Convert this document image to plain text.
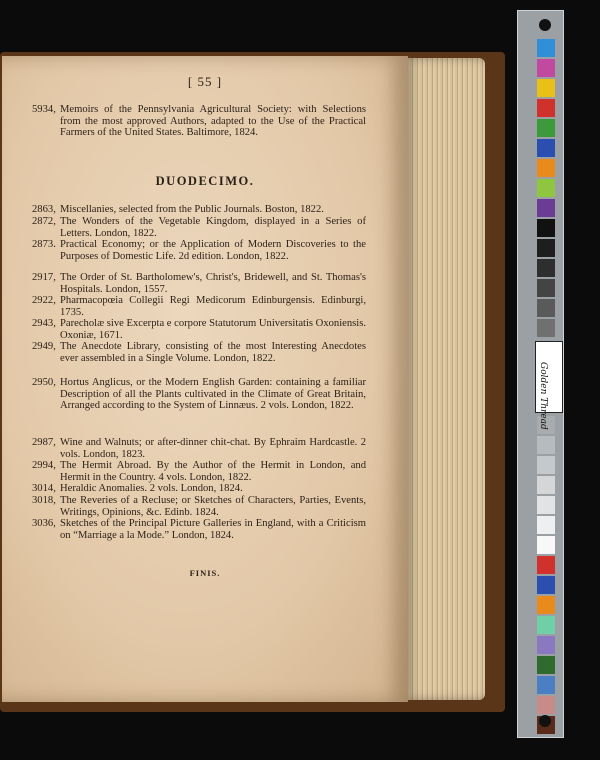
[ 55 ]
5934, Memoirs of the Pennsylvania Agricultural Society: with Selections from the most approved Authors, adapted to the Use of the Practical Farmers of the United States. Baltimore, 1824.
DUODECIMO.
2863, Miscellanies, selected from the Public Journals. Boston, 1822.
2872, The Wonders of the Vegetable Kingdom, displayed in a Series of Letters. London, 1822.
2873. Practical Economy; or the Application of Modern Discoveries to the Purposes of Domestic Life. 2d edition. London, 1822.
2917, The Order of St. Bartholomew's, Christ's, Bridewell, and St. Thomas's Hospitals. London, 1557.
2922, Pharmacopœia Collegii Regi Medicorum Edinburgensis. Edinburgi, 1735.
2943, Parecholæ sive Excerpta e corpore Statutorum Universitatis Oxoniensis. Oxoniæ, 1671.
2949, The Anecdote Library, consisting of the most Interesting Anecdotes ever assembled in a Single Volume. London, 1822.
2950, Hortus Anglicus, or the Modern English Garden: containing a familiar Description of all the Plants cultivated in the Climate of Great Britain, Arranged according to the System of Linnæus. 2 vols. London, 1822.
2987, Wine and Walnuts; or after-dinner chit-chat. By Ephraim Hardcastle. 2 vols. London, 1823.
2994, The Hermit Abroad. By the Author of the Hermit in London, and Hermit in the Country. 4 vols. London, 1822.
3014, Heraldic Anomalies. 2 vols. London, 1824.
3018, The Reveries of a Recluse; or Sketches of Characters, Parties, Events, Writings, Opinions, &c. Edinb. 1824.
3036, Sketches of the Principal Picture Galleries in England, with a Criticism on “Marriage a la Mode.” London, 1824.
FINIS.
Golden Thread
